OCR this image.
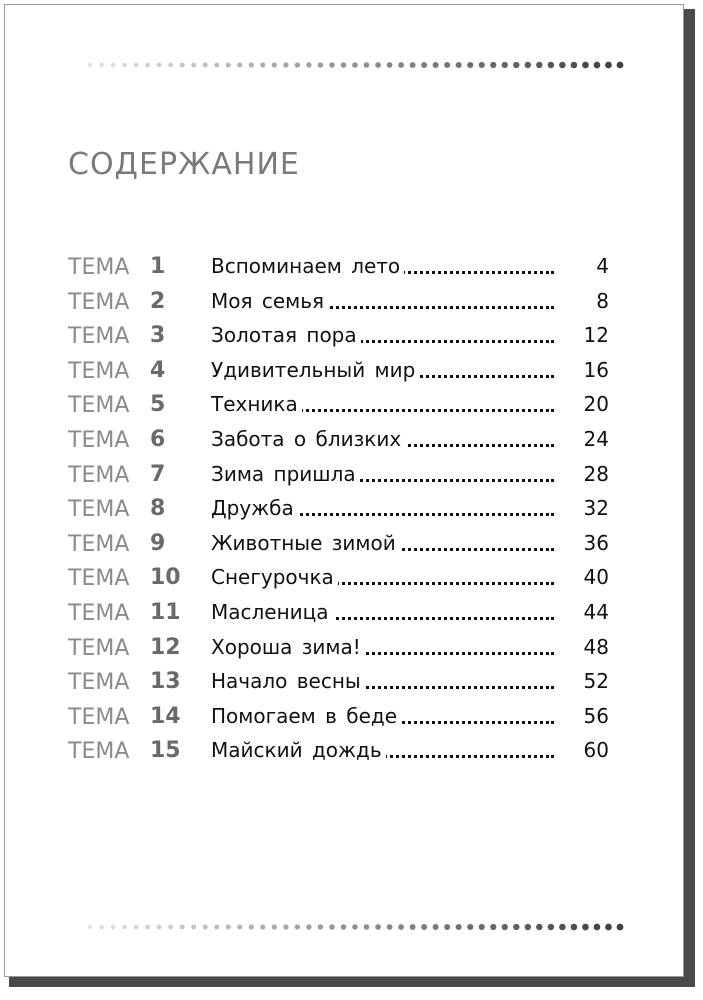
СОДЕРЖАНИЕ
ТЕМА 1 Вспоминаем лето	4
ТЕМА 2 Моя семья	8
ТЕМА 3 Золотая пора	12
ТЕМА 4 Удивительный мир	16
ТЕМА 5 Техника	20
ТЕМА 6 Забота о близких	24
ТЕМА 7 Зима пришла	28
ТЕМА 8 Дружба	32
ТЕМА 9 Животные зимой	36
ТЕМА 10 Снегурочка	40
ТЕМА 11 Масленица	44
ТЕМА 12 Хороша зима!	48
ТЕМА 13 Начало весны	52
ТЕМА 14 Помогаем в беде	56
ТЕМА 15 Майский дождь	60
